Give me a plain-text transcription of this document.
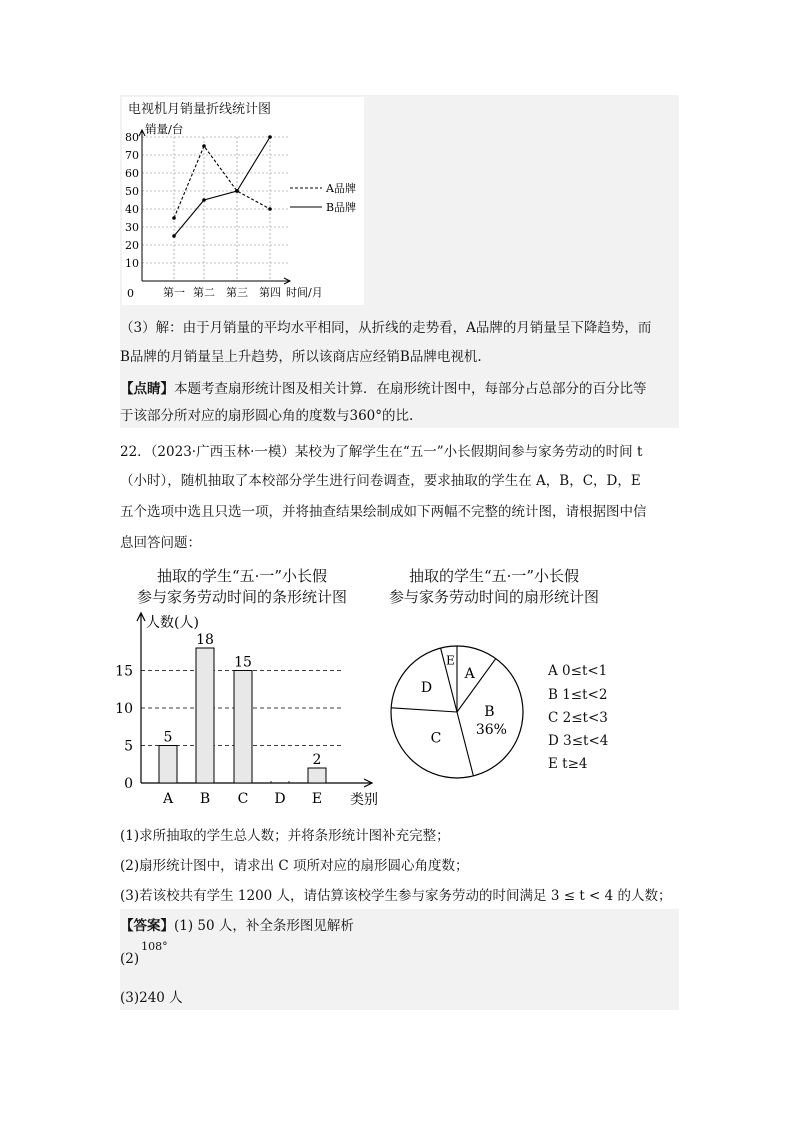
电视机月销量折线统计图
销量/台
80
70
60
50
40
30
20
10
0	第一 第二 第三 第四 时间/月
A品牌
B品牌
（3）解：由于月销量的平均水平相同，从折线的走势看，A品牌的月销量呈下降趋势，而
B品牌的月销量呈上升趋势，所以该商店应经销B品牌电视机.
【点睛】本题考查扇形统计图及相关计算．在扇形统计图中，每部分占总部分的百分比等
于该部分所对应的扇形圆心角的度数与360°的比.
22．（2023·广西玉林·一模）某校为了解学生在“五一”小长假期间参与家务劳动的时间 t
（小时），随机抽取了本校部分学生进行问卷调查，要求抽取的学生在 A，B，C，D，E
五个选项中选且只选一项，并将抽查结果绘制成如下两幅不完整的统计图，请根据图中信
息回答问题：
抽取的学生“五·一”小长假
参与家务劳动时间的条形统计图
抽取的学生“五·一”小长假
参与家务劳动时间的扇形统计图
人数(人)
类别
0
5
10
15
5
A
18
B
15
C D
2
E
A
B
36%
C
D
E
A 0≤t<1
B 1≤t<2
C 2≤t<3
D 3≤t<4
E t≥4
(1)求所抽取的学生总人数；并将条形统计图补充完整；
(2)扇形统计图中，请求出 C 项所对应的扇形圆心角度数；
(3)若该校共有学生 1200 人，请估算该校学生参与家务劳动的时间满足 3 ≤ t < 4 的人数；
【答案】(1) 50 人，补全条形图见解析
(2)108°
(3)240 人
